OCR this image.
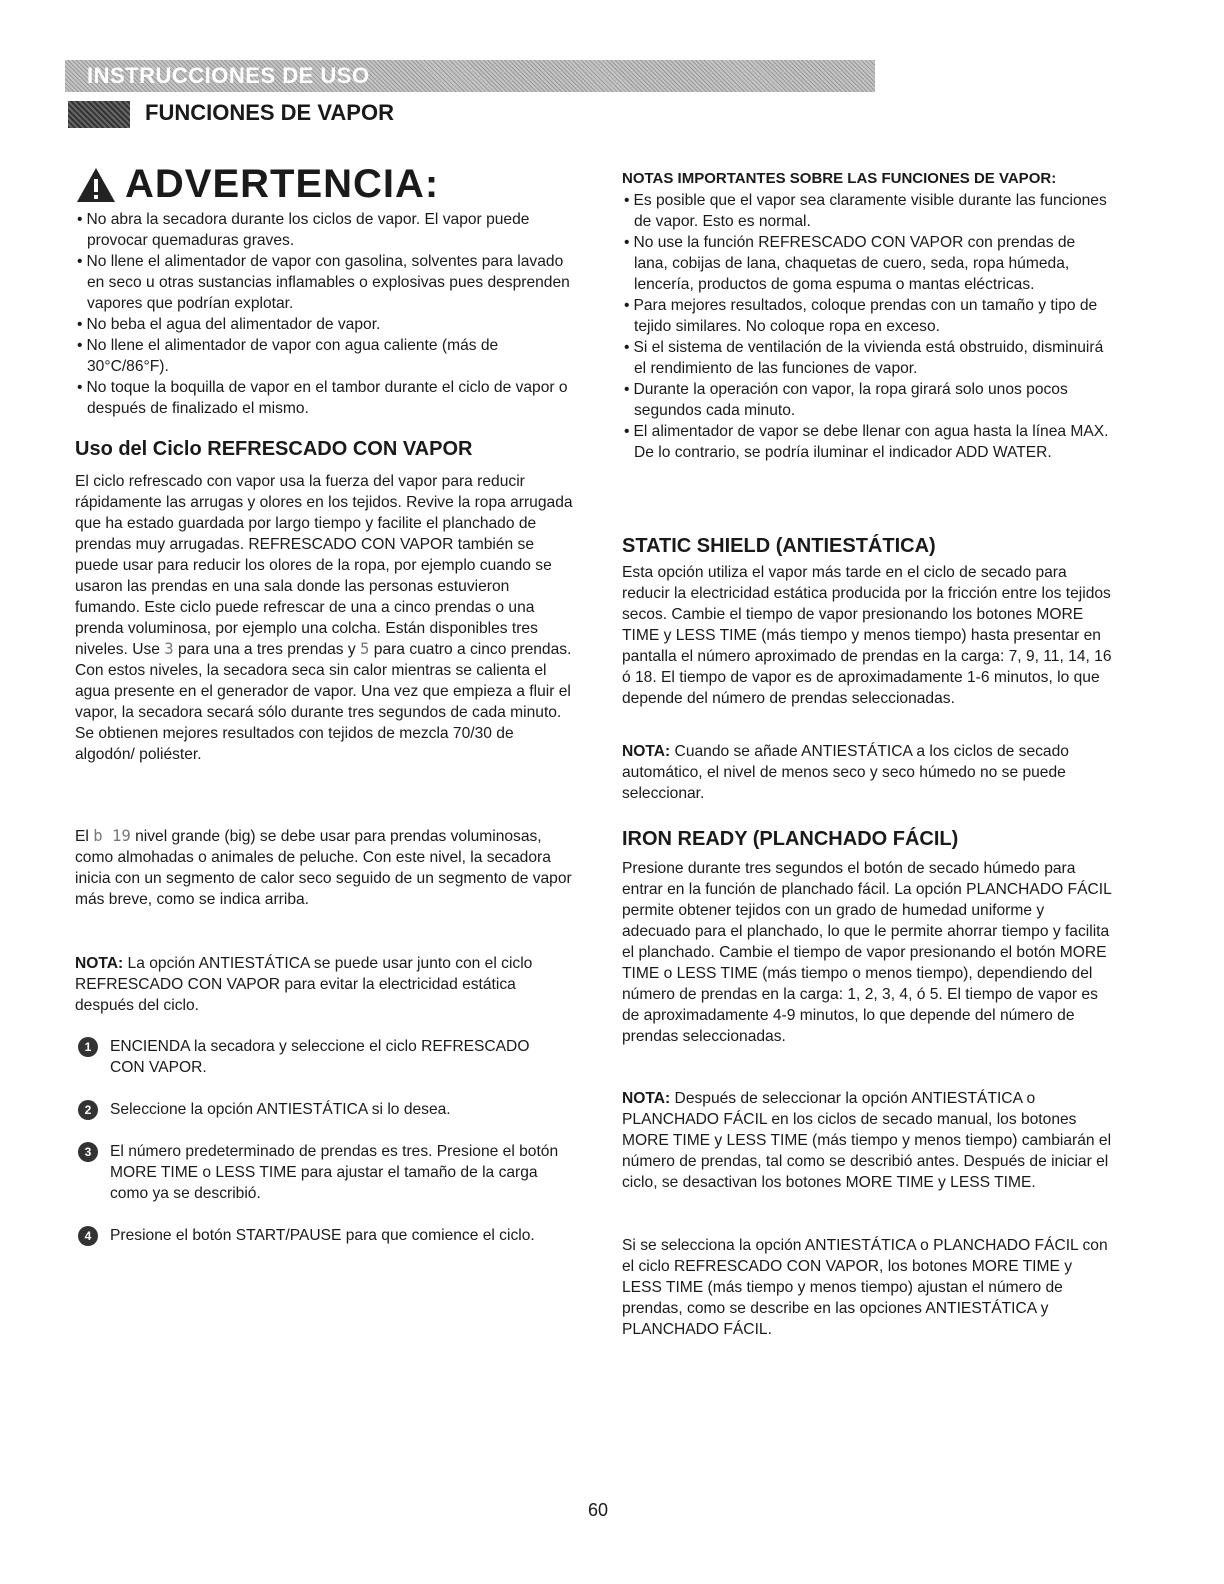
INSTRUCCIONES DE USO
FUNCIONES DE VAPOR
ADVERTENCIA:
• No abra la secadora durante los ciclos de vapor. El vapor puede provocar quemaduras graves.
• No llene el alimentador de vapor con gasolina, solventes para lavado en seco u otras sustancias inflamables o explosivas pues desprenden vapores que podrían explotar.
• No beba el agua del alimentador de vapor.
• No llene el alimentador de vapor con agua caliente (más de 30°C/86°F).
• No toque la boquilla de vapor en el tambor durante el ciclo de vapor o después de finalizado el mismo.
Uso del Ciclo REFRESCADO CON VAPOR

El ciclo refrescado con vapor usa la fuerza del vapor para reducir rápidamente las arrugas y olores en los tejidos. Revive la ropa arrugada que ha estado guardada por largo tiempo y facilite el planchado de prendas muy arrugadas. REFRESCADO CON VAPOR también se puede usar para reducir los olores de la ropa, por ejemplo cuando se usaron las prendas en una sala donde las personas estuvieron fumando. Este ciclo puede refrescar de una a cinco prendas o una prenda voluminosa, por ejemplo una colcha. Están disponibles tres niveles. Use 3 para una a tres prendas y 5 para cuatro a cinco prendas. Con estos niveles, la secadora seca sin calor mientras se calienta el agua presente en el generador de vapor. Una vez que empieza a fluir el vapor, la secadora secará sólo durante tres segundos de cada minuto. Se obtienen mejores resultados con tejidos de mezcla 70/30 de algodón/ poliéster.

El b 19 nivel grande (big) se debe usar para prendas voluminosas, como almohadas o animales de peluche. Con este nivel, la secadora inicia con un segmento de calor seco seguido de un segmento de vapor más breve, como se indica arriba.

NOTA: La opción ANTIESTÁTICA se puede usar junto con el ciclo REFRESCADO CON VAPOR para evitar la electricidad estática después del ciclo.

1	ENCIENDA la secadora y seleccione el ciclo REFRESCADO CON VAPOR.
2	Seleccione la opción ANTIESTÁTICA si lo desea.
3	El número predeterminado de prendas es tres. Presione el botón MORE TIME o LESS TIME para ajustar el tamaño de la carga como ya se describió.
4	Presione el botón START/PAUSE para que comience el ciclo.
NOTAS IMPORTANTES SOBRE LAS FUNCIONES DE VAPOR:
• Es posible que el vapor sea claramente visible durante las funciones de vapor. Esto es normal.
• No use la función REFRESCADO CON VAPOR con prendas de lana, cobijas de lana, chaquetas de cuero, seda, ropa húmeda, lencería, productos de goma espuma o mantas eléctricas.
• Para mejores resultados, coloque prendas con un tamaño y tipo de tejido similares. No coloque ropa en exceso.
• Si el sistema de ventilación de la vivienda está obstruido, disminuirá el rendimiento de las funciones de vapor.
• Durante la operación con vapor, la ropa girará solo unos pocos segundos cada minuto.
• El alimentador de vapor se debe llenar con agua hasta la línea MAX. De lo contrario, se podría iluminar el indicador ADD WATER.
STATIC SHIELD (ANTIESTÁTICA)

Esta opción utiliza el vapor más tarde en el ciclo de secado para reducir la electricidad estática producida por la fricción entre los tejidos secos. Cambie el tiempo de vapor presionando los botones MORE TIME y LESS TIME (más tiempo y menos tiempo) hasta presentar en pantalla el número aproximado de prendas en la carga: 7, 9, 11, 14, 16 ó 18. El tiempo de vapor es de aproximadamente 1-6 minutos, lo que depende del número de prendas seleccionadas.

NOTA: Cuando se añade ANTIESTÁTICA a los ciclos de secado automático, el nivel de menos seco y seco húmedo no se puede seleccionar.

IRON READY (PLANCHADO FÁCIL)

Presione durante tres segundos el botón de secado húmedo para entrar en la función de planchado fácil. La opción PLANCHADO FÁCIL permite obtener tejidos con un grado de humedad uniforme y adecuado para el planchado, lo que le permite ahorrar tiempo y facilita el planchado. Cambie el tiempo de vapor presionando el botón MORE TIME o LESS TIME (más tiempo o menos tiempo), dependiendo del número de prendas en la carga: 1, 2, 3, 4, ó 5. El tiempo de vapor es de aproximadamente 4-9 minutos, lo que depende del número de prendas seleccionadas.

NOTA: Después de seleccionar la opción ANTIESTÁTICA o PLANCHADO FÁCIL en los ciclos de secado manual, los botones MORE TIME y LESS TIME (más tiempo y menos tiempo) cambiarán el número de prendas, tal como se describió antes. Después de iniciar el ciclo, se desactivan los botones MORE TIME y LESS TIME.

Si se selecciona la opción ANTIESTÁTICA o PLANCHADO FÁCIL con el ciclo REFRESCADO CON VAPOR, los botones MORE TIME y LESS TIME (más tiempo y menos tiempo) ajustan el número de prendas, como se describe en las opciones ANTIESTÁTICA y PLANCHADO FÁCIL.

60
